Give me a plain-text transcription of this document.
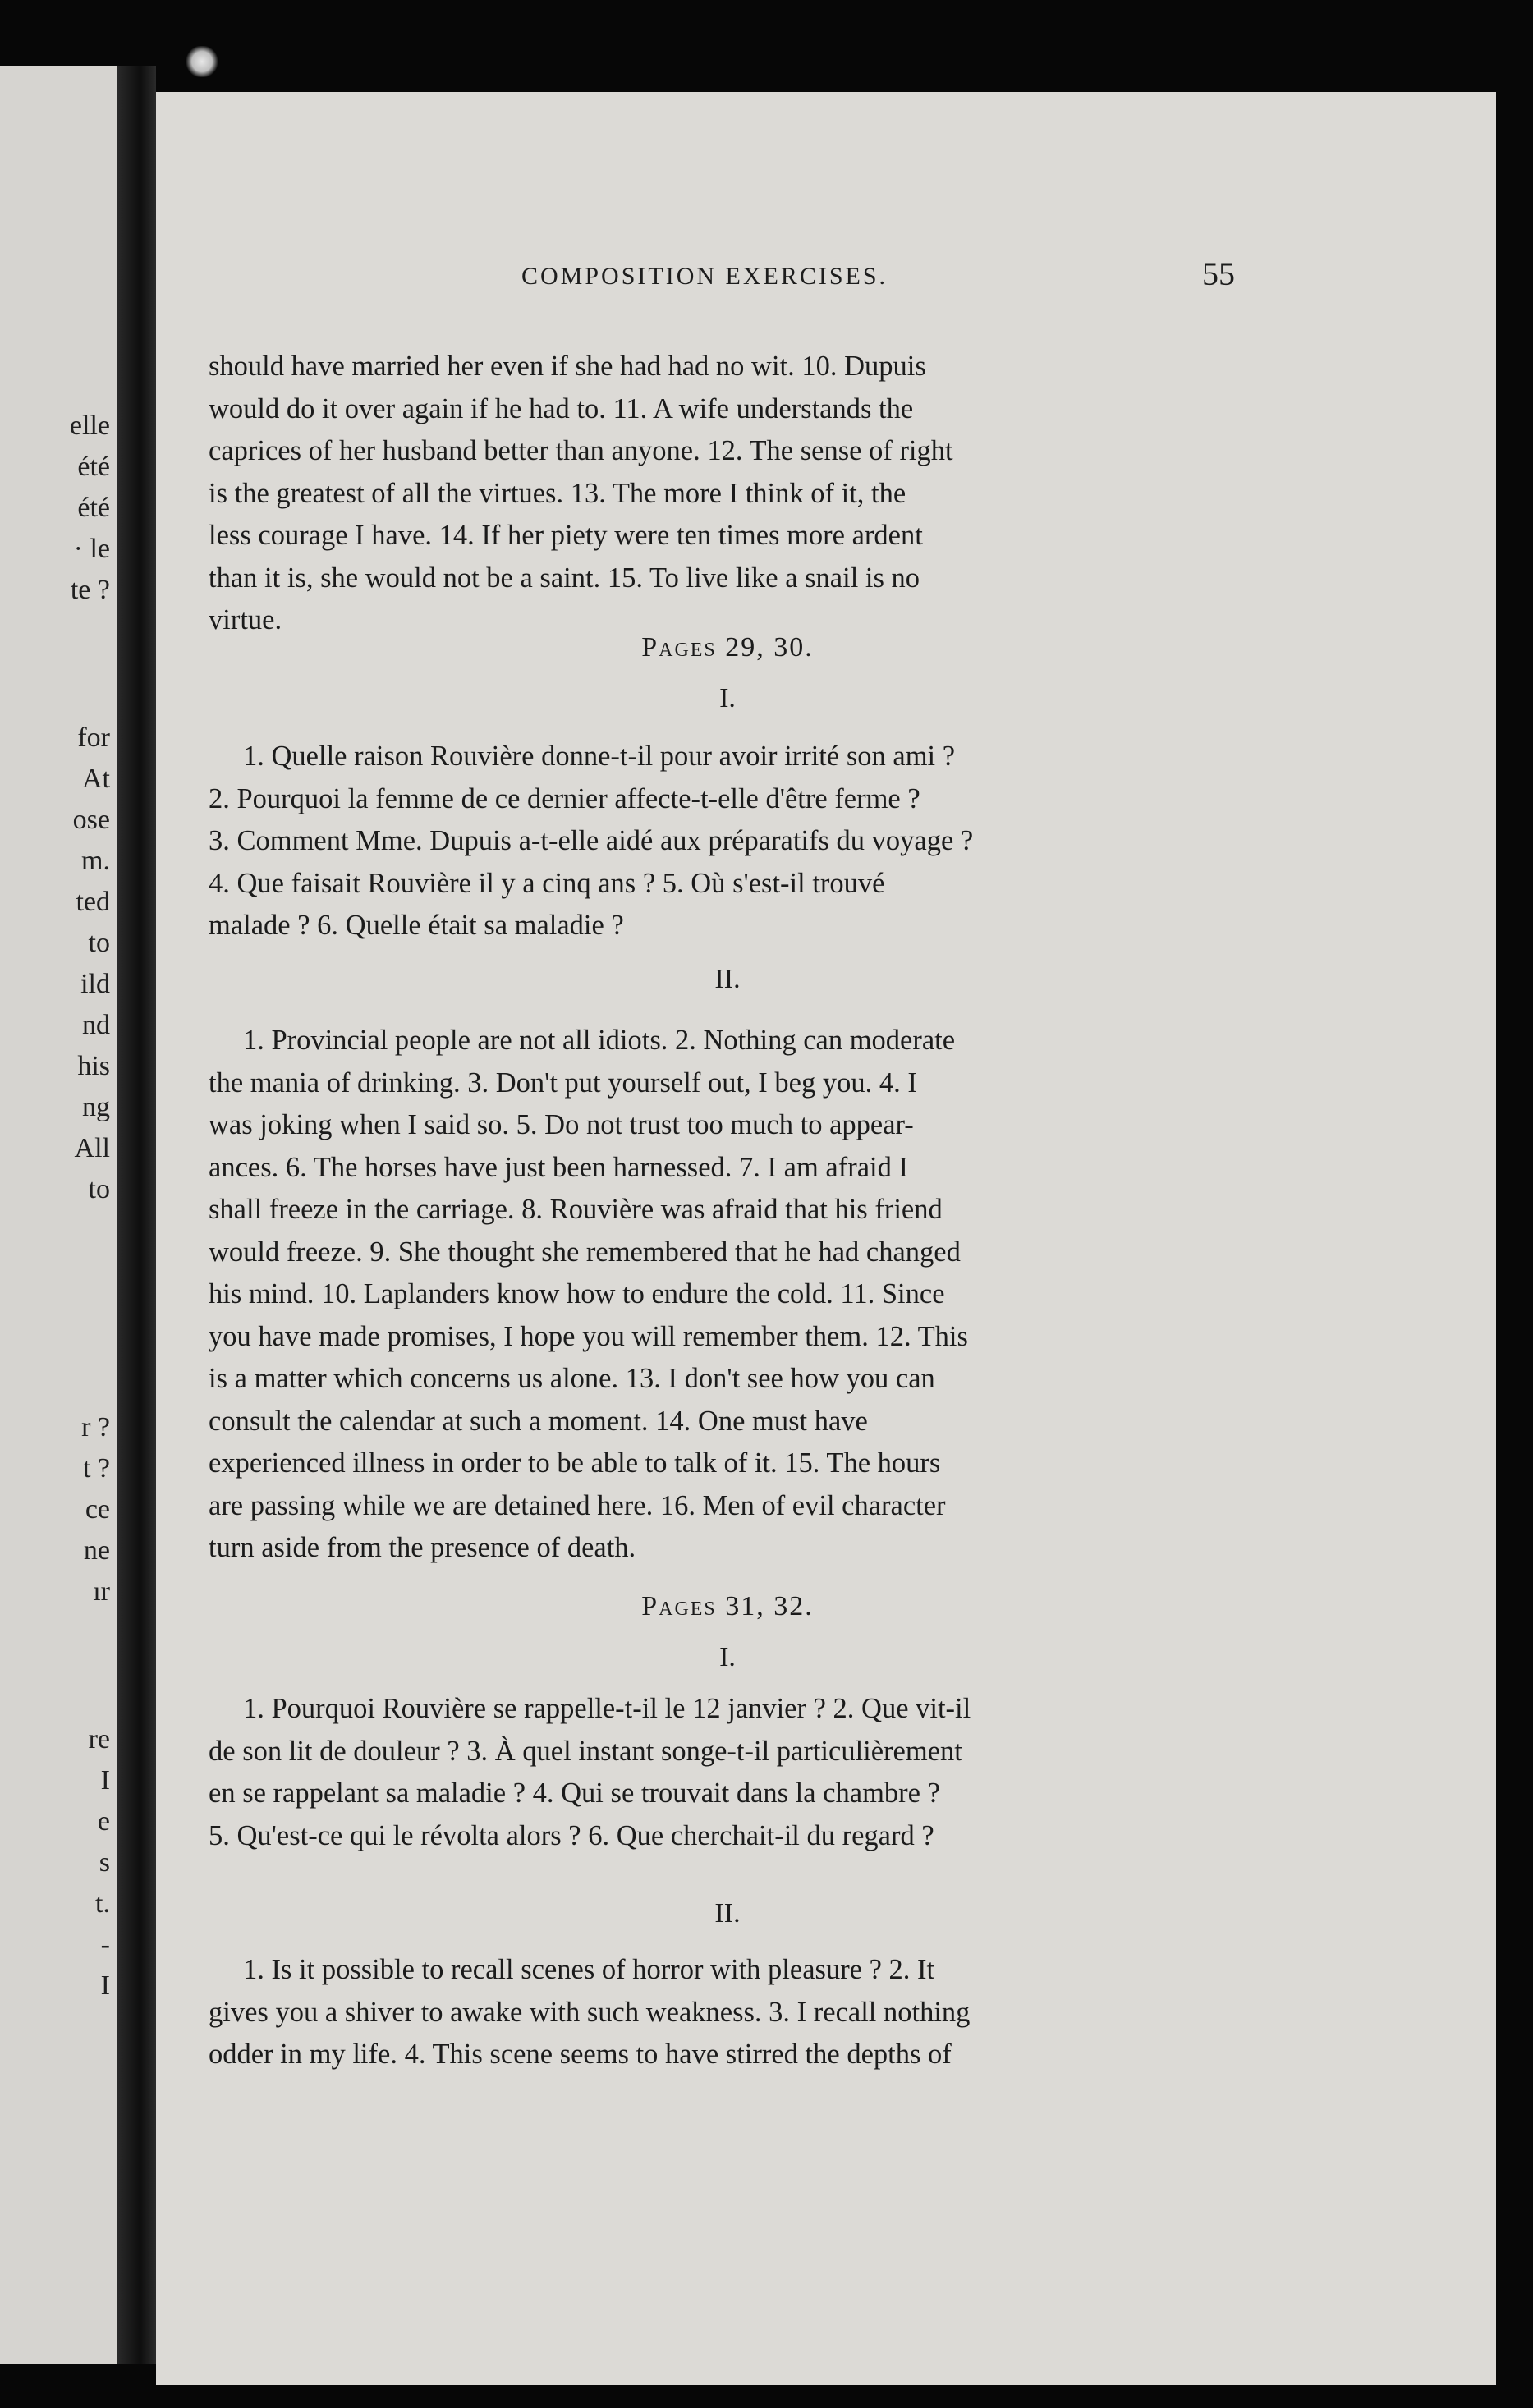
elle
été
été
· le
te ?
for
At
ose
m.
ted
to
ild
nd
his
ng
All
to
r ?
t ?
ce
ne
ır
re
I
e
s
t.
-
I
COMPOSITION EXERCISES.	55

should have married her even if she had had no wit. 10. Dupuis

would do it over again if he had to. 11. A wife understands the

caprices of her husband better than anyone. 12. The sense of right

is the greatest of all the virtues. 13. The more I think of it, the

less courage I have. 14. If her piety were ten times more ardent

than it is, she would not be a saint. 15. To live like a snail is no

virtue.

Pages 29, 30.
I.

1. Quelle raison Rouvière donne-t-il pour avoir irrité son ami ?

2. Pourquoi la femme de ce dernier affecte-t-elle d'être ferme ?

3. Comment Mme. Dupuis a-t-elle aidé aux préparatifs du voyage ?

4. Que faisait Rouvière il y a cinq ans ? 5. Où s'est-il trouvé

malade ? 6. Quelle était sa maladie ?

II.

1. Provincial people are not all idiots. 2. Nothing can moderate

the mania of drinking. 3. Don't put yourself out, I beg you. 4. I

was joking when I said so. 5. Do not trust too much to appear-

ances. 6. The horses have just been harnessed. 7. I am afraid I

shall freeze in the carriage. 8. Rouvière was afraid that his friend

would freeze. 9. She thought she remembered that he had changed

his mind. 10. Laplanders know how to endure the cold. 11. Since

you have made promises, I hope you will remember them. 12. This

is a matter which concerns us alone. 13. I don't see how you can

consult the calendar at such a moment. 14. One must have

experienced illness in order to be able to talk of it. 15. The hours

are passing while we are detained here. 16. Men of evil character

turn aside from the presence of death.

Pages 31, 32.
I.

1. Pourquoi Rouvière se rappelle-t-il le 12 janvier ? 2. Que vit-il

de son lit de douleur ? 3. À quel instant songe-t-il particulièrement

en se rappelant sa maladie ? 4. Qui se trouvait dans la chambre ?

5. Qu'est-ce qui le révolta alors ? 6. Que cherchait-il du regard ?

II.

1. Is it possible to recall scenes of horror with pleasure ? 2. It

gives you a shiver to awake with such weakness. 3. I recall nothing

odder in my life. 4. This scene seems to have stirred the depths of
